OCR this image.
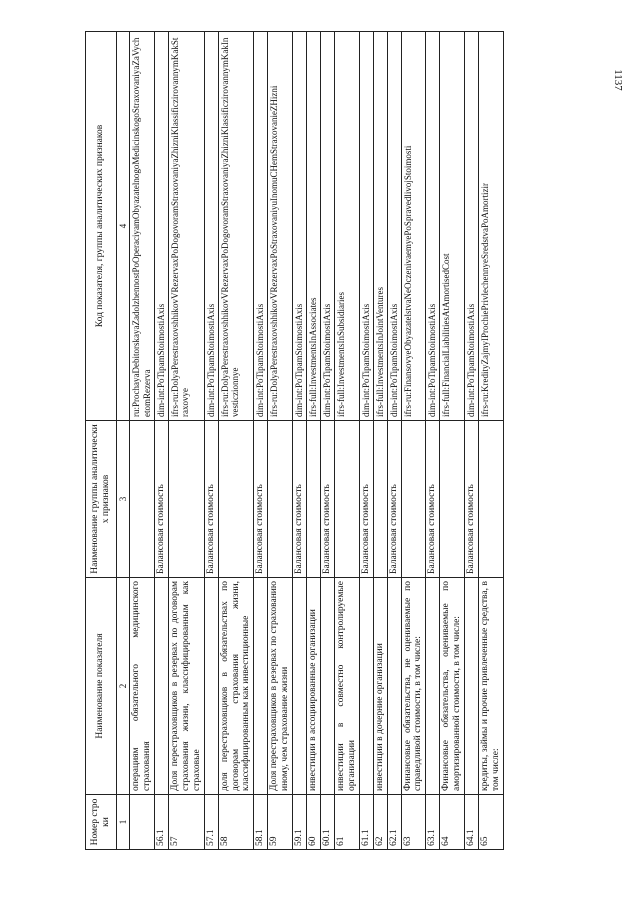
1137
Номер строки	Наименование показателя	Наименование группы аналитических признаков	Код показателя, группы аналитических признаков
1	2	3	4
	операциям обязательного медицинского страхования		ru:ProchayaDebitorskayaZadolzhennostPoOperaciyamObyazatelnogoMedicinskogoStraxovaniyaZaVychetomRezerva
56.1		Балансовая стоимость	dim-int:PoTipamStoimostiAxis
57	Доля перестраховщиков в резервах по договорам страхования жизни, классифицированным как страховые		ifrs-ru:DolyaPerestraxovshhikovVRezervaxPoDogovoramStraxovaniyaZhizniKlassificzirovannymKakStraxovye
57.1		Балансовая стоимость	dim-int:PoTipamStoimostiAxis
58	доля перестраховщиков в обязательствах по договорам страхования жизни, классифицированным как инвестиционные		ifrs-ru:DolyaPerestraxovshhikovVRezervaxPoDogovoramStraxovaniyaZhizniKlassificzirovannymKakInvesticzionnye
58.1		Балансовая стоимость	dim-int:PoTipamStoimostiAxis
59	Доля перестраховщиков в резервах по страхованию иному, чем страхование жизни		ifrs-ru:DolyaPerestraxovshhikovVRezervaxPoStraxovaniyuInomuCHemStraxovanieZHizni
59.1		Балансовая стоимость	dim-int:PoTipamStoimostiAxis
60	инвестиции в ассоциированные организации		ifrs-full:InvestmentsInAssociates
60.1		Балансовая стоимость	dim-int:PoTipamStoimostiAxis
61	инвестиции в совместно контролируемые организации		ifrs-full:InvestmentsInSubsidiaries
61.1		Балансовая стоимость	dim-int:PoTipamStoimostiAxis
62	инвестиции в дочерние организации		ifrs-full:InvestmentsInJointVentures
62.1		Балансовая стоимость	dim-int:PoTipamStoimostiAxis
63	Финансовые обязательства, не оцениваемые по справедливой стоимости, в том числе:		ifrs-ru:FinansovyeObyazatelstvaNeOczenivaemyePoSpravedlivojStoimosti
63.1		Балансовая стоимость	dim-int:PoTipamStoimostiAxis
64	Финансовые обязательства, оцениваемые по амортизированной стоимости, в том числе:		ifrs-full:FinancialLiabilitiesAtAmortisedCost
64.1		Балансовая стоимость	dim-int:PoTipamStoimostiAxis
65	кредиты, займы и прочие привлеченные средства, в том числе:		ifrs-ru:KredityZajmyIProchiePrivlechennyeSredstvaPoAmortizir
